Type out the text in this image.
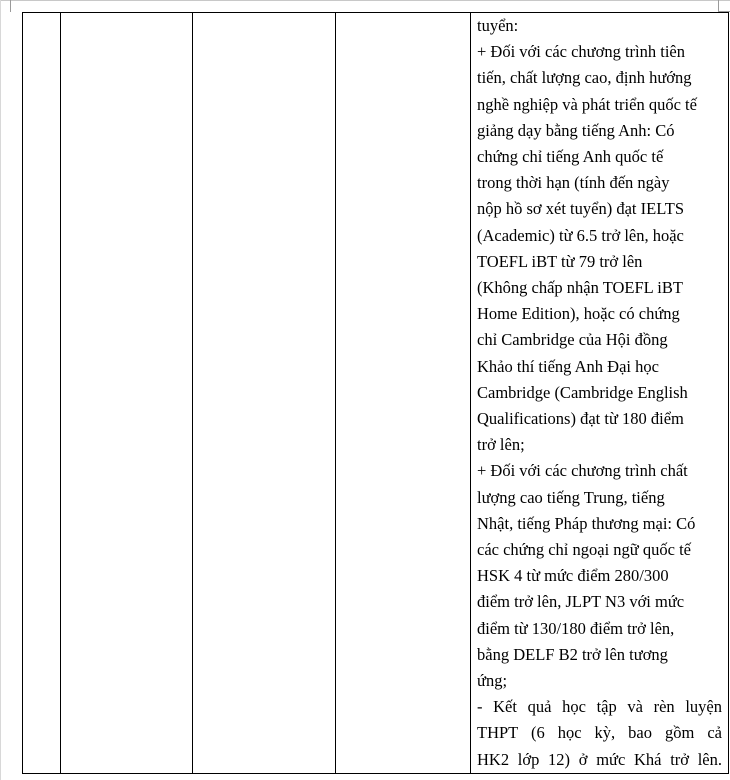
tuyển:
+ Đối với các chương trình tiên
tiến, chất lượng cao, định hướng
nghề nghiệp và phát triển quốc tế
giảng dạy bằng tiếng Anh: Có
chứng chỉ tiếng Anh quốc tế
trong thời hạn (tính đến ngày
nộp hồ sơ xét tuyển) đạt IELTS
(Academic) từ 6.5 trở lên, hoặc
TOEFL iBT từ 79 trở lên
(Không chấp nhận TOEFL iBT
Home Edition), hoặc có chứng
chỉ Cambridge của Hội đồng
Khảo thí tiếng Anh Đại học
Cambridge (Cambridge English
Qualifications) đạt từ 180 điểm
trở lên;
+ Đối với các chương trình chất
lượng cao tiếng Trung, tiếng
Nhật, tiếng Pháp thương mại: Có
các chứng chỉ ngoại ngữ quốc tế
HSK 4 từ mức điểm 280/300
điểm trở lên, JLPT N3 với mức
điểm từ 130/180 điểm trở lên,
bằng DELF B2 trở lên tương
ứng;
- Kết quả học tập và rèn luyện
THPT (6 học kỳ, bao gồm cả
HK2 lớp 12) ở mức Khá trở lên.
